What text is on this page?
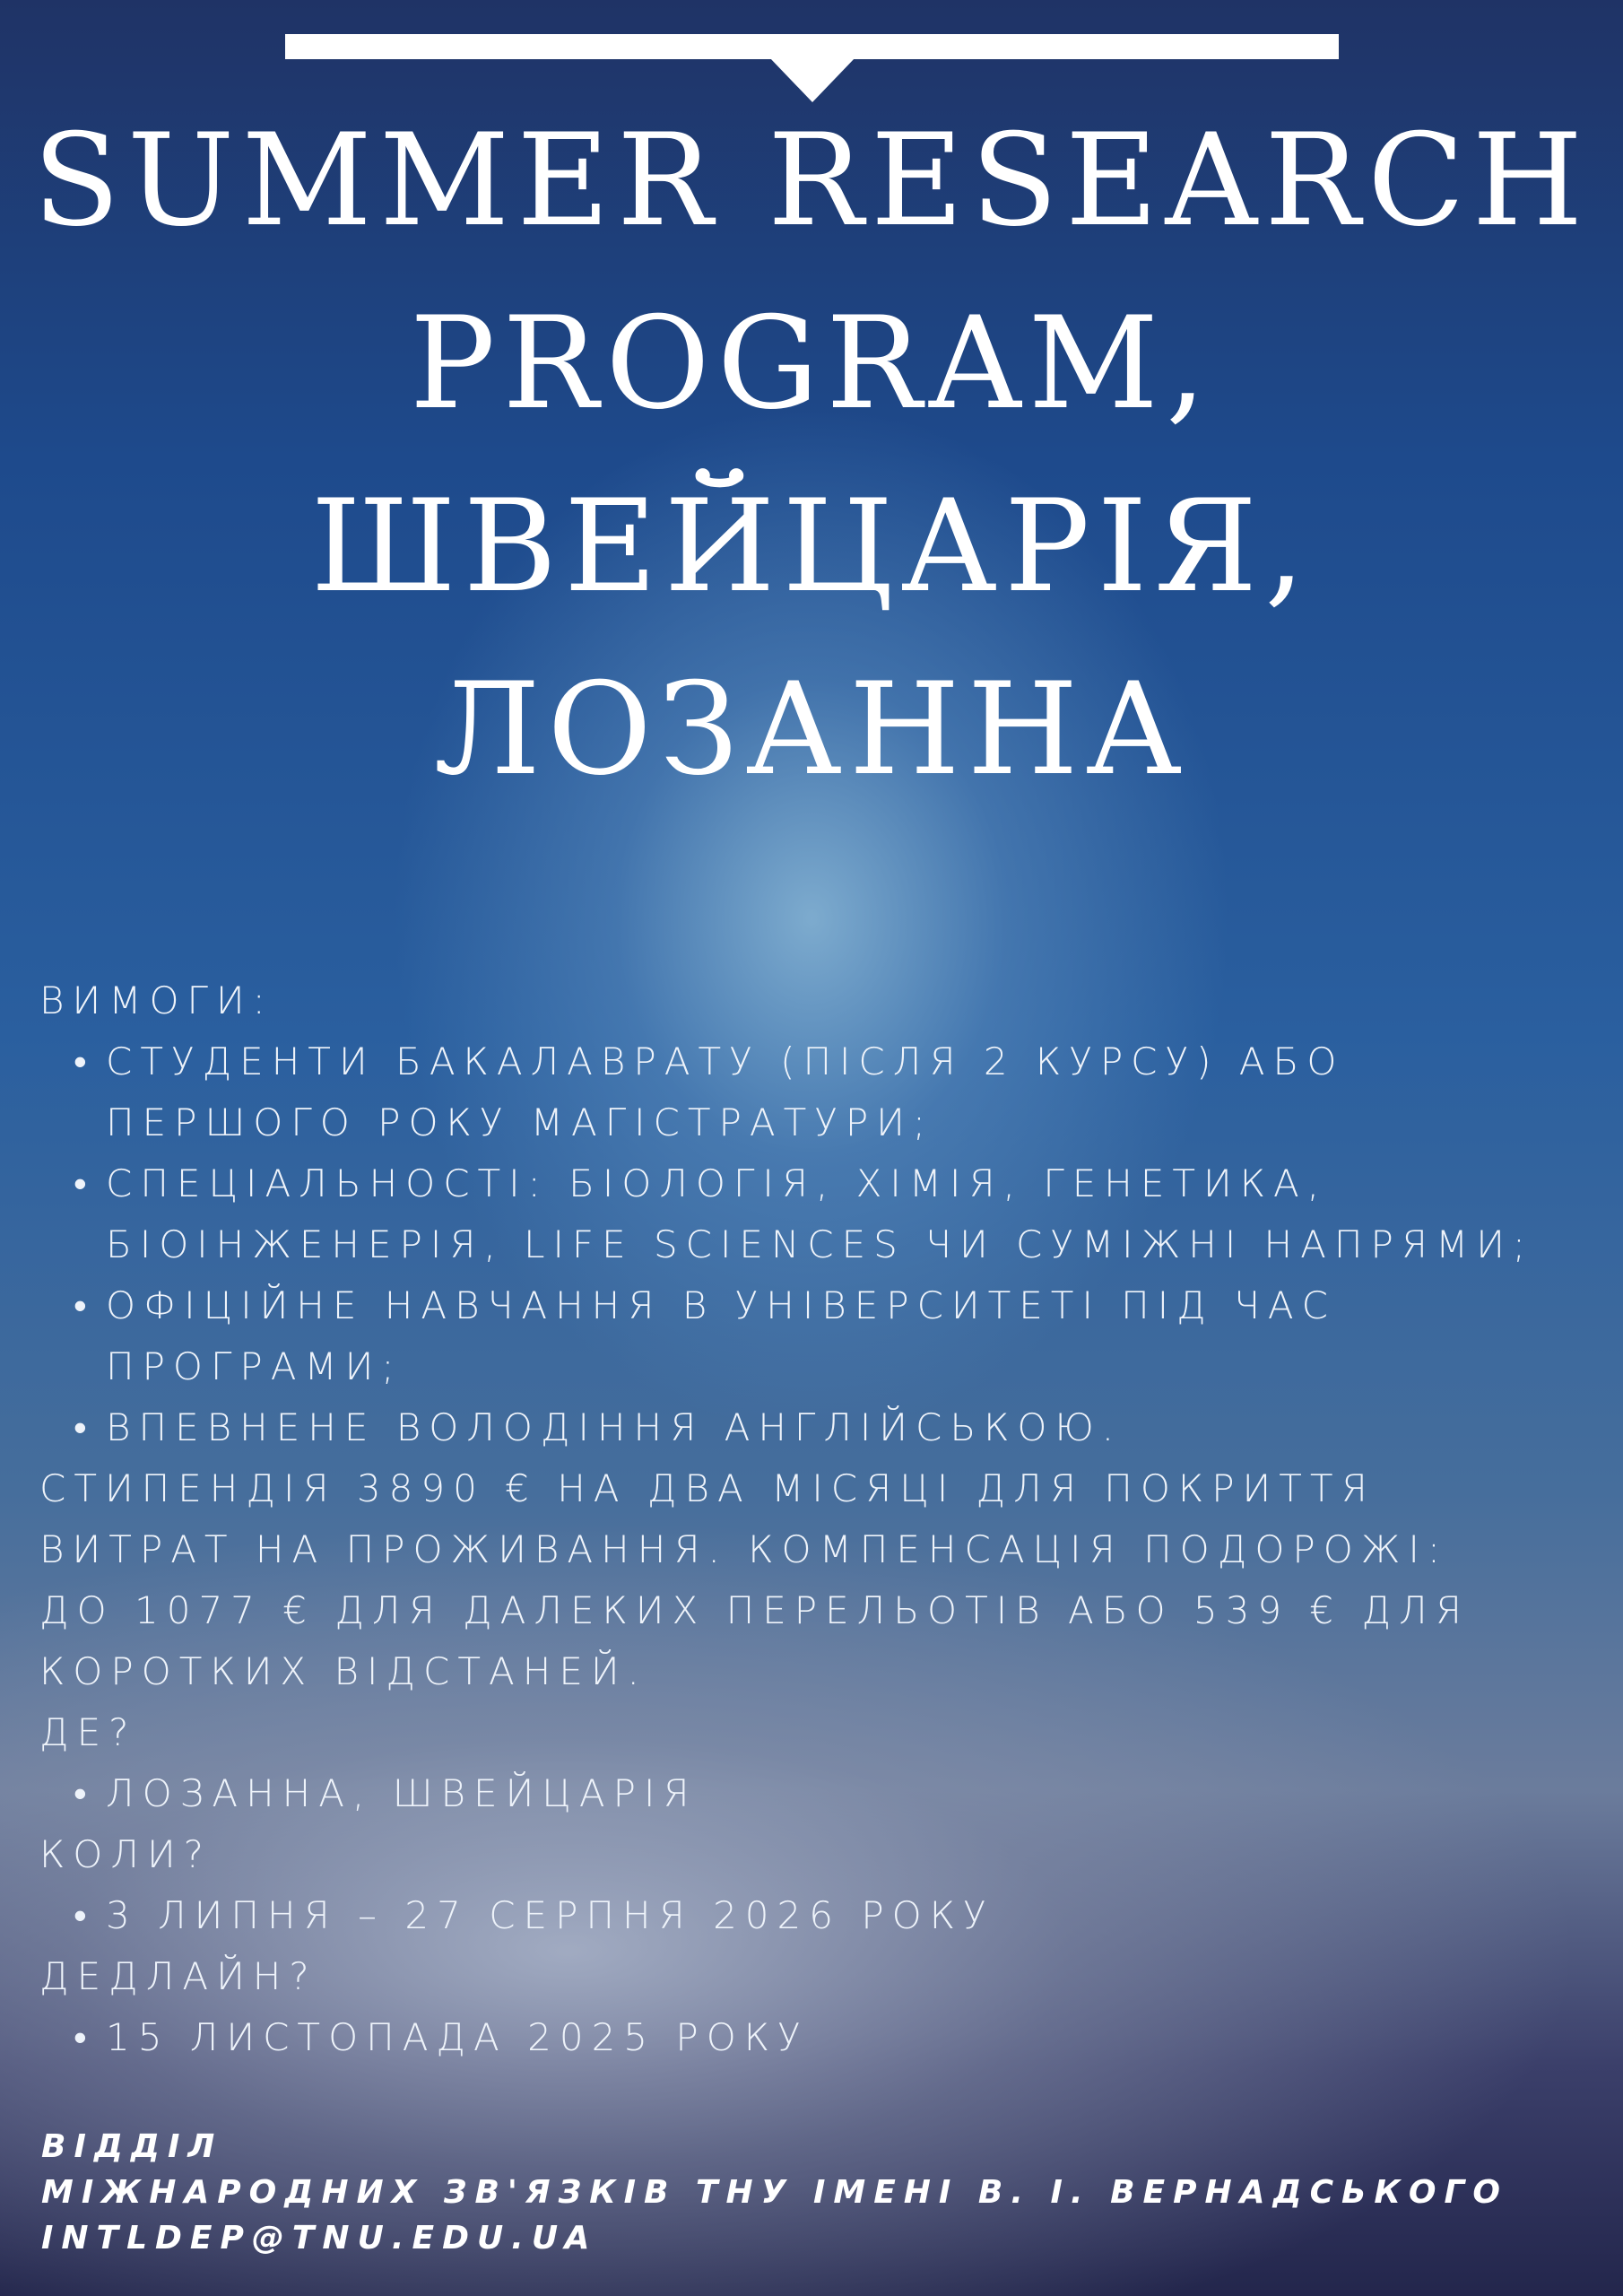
SUMMER RESEARCH
PROGRAM,
ШВЕЙЦАРІЯ,
ЛОЗАННА
ВИМОГИ:
• СТУДЕНТИ БАКАЛАВРАТУ (ПІСЛЯ 2 КУРСУ) АБО
ПЕРШОГО РОКУ МАГІСТРАТУРИ;
• СПЕЦІАЛЬНОСТІ: БІОЛОГІЯ, ХІМІЯ, ГЕНЕТИКА,
БІОІНЖЕНЕРІЯ, LIFE SCIENCES ЧИ СУМІЖНІ НАПРЯМИ;
• ОФІЦІЙНЕ НАВЧАННЯ В УНІВЕРСИТЕТІ ПІД ЧАС
ПРОГРАМИ;
• ВПЕВНЕНЕ ВОЛОДІННЯ АНГЛІЙСЬКОЮ.
СТИПЕНДІЯ 3890 € НА ДВА МІСЯЦІ ДЛЯ ПОКРИТТЯ
ВИТРАТ НА ПРОЖИВАННЯ. КОМПЕНСАЦІЯ ПОДОРОЖІ:
ДО 1077 € ДЛЯ ДАЛЕКИХ ПЕРЕЛЬОТІВ АБО 539 € ДЛЯ
КОРОТКИХ ВІДСТАНЕЙ.
ДЕ?
• ЛОЗАННА, ШВЕЙЦАРІЯ
КОЛИ?
• 3 ЛИПНЯ – 27 СЕРПНЯ 2026 РОКУ
ДЕДЛАЙН?
• 15 ЛИСТОПАДА 2025 РОКУ
ВІДДІЛ
МІЖНАРОДНИХ ЗВ'ЯЗКІВ ТНУ ІМЕНІ В. І. ВЕРНАДСЬКОГО
INTLDEP@TNU.EDU.UA
